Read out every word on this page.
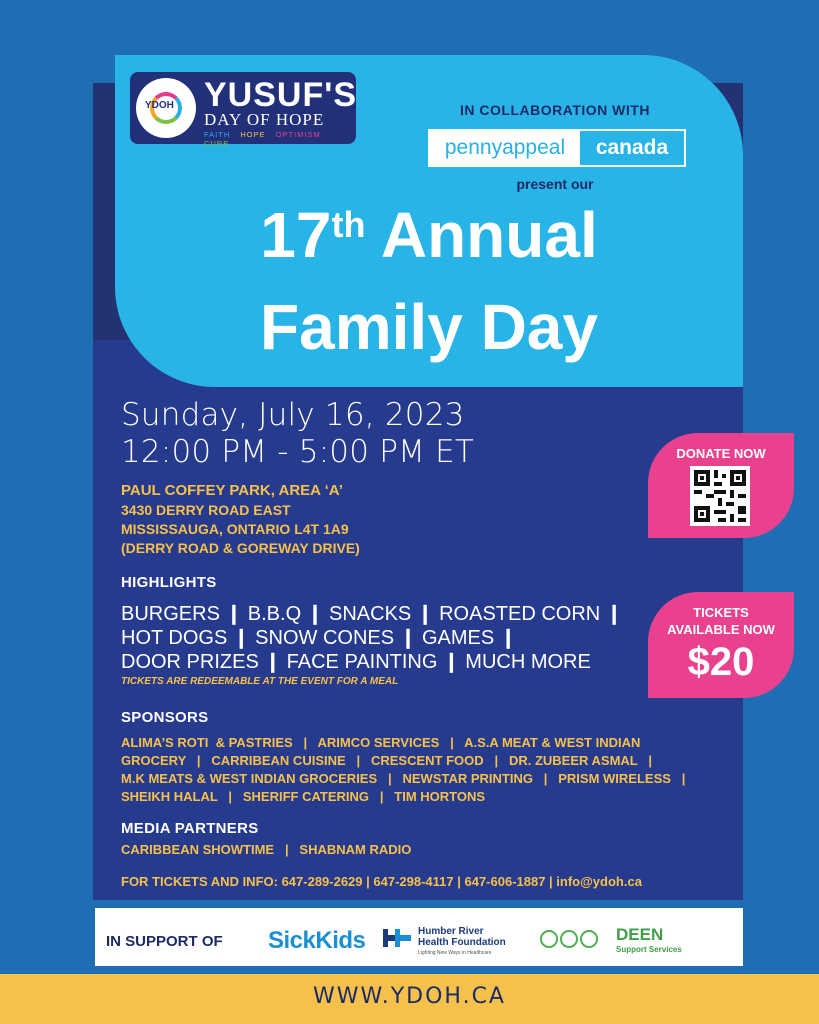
YDOH YUSUF'S
DAY OF HOPE
FAITH HOPE OPTIMISM CURE
IN COLLABORATION WITH
pennyappeal	canada
present our
17th Annual
Family Day
Sunday, July 16, 2023
12:00 PM - 5:00 PM ET
PAUL COFFEY PARK, AREA ‘A’
3430 DERRY ROAD EAST
MISSISSAUGA, ONTARIO L4T 1A9
(DERRY ROAD & GOREWAY DRIVE)
HIGHLIGHTS
BURGERS ❙ B.B.Q ❙ SNACKS ❙ ROASTED CORN ❙
HOT DOGS ❙ SNOW CONES ❙ GAMES ❙
DOOR PRIZES ❙ FACE PAINTING ❙ MUCH MORE
TICKETS ARE REDEEMABLE AT THE EVENT FOR A MEAL
SPONSORS
ALIMA’S ROTI  & PASTRIES   |   ARIMCO SERVICES   |   A.S.A MEAT & WEST INDIAN
GROCERY   |   CARRIBEAN CUISINE   |   CRESCENT FOOD   |   DR. ZUBEER ASMAL   |
M.K MEATS & WEST INDIAN GROCERIES   |   NEWSTAR PRINTING   |   PRISM WIRELESS   |
SHEIKH HALAL   |   SHERIFF CATERING   |   TIM HORTONS
MEDIA PARTNERS
CARIBBEAN SHOWTIME   |   SHABNAM RADIO
FOR TICKETS AND INFO: 647-289-2629 | 647-298-4117 | 647-606-1887 | info@ydoh.ca
DONATE NOW
TICKETS
AVAILABLE NOW
$20
IN SUPPORT OF SickKids	Humber River
Health Foundation
Lighting New Ways in Healthcare
DEEN
Support Services
WWW.YDOH.CA
